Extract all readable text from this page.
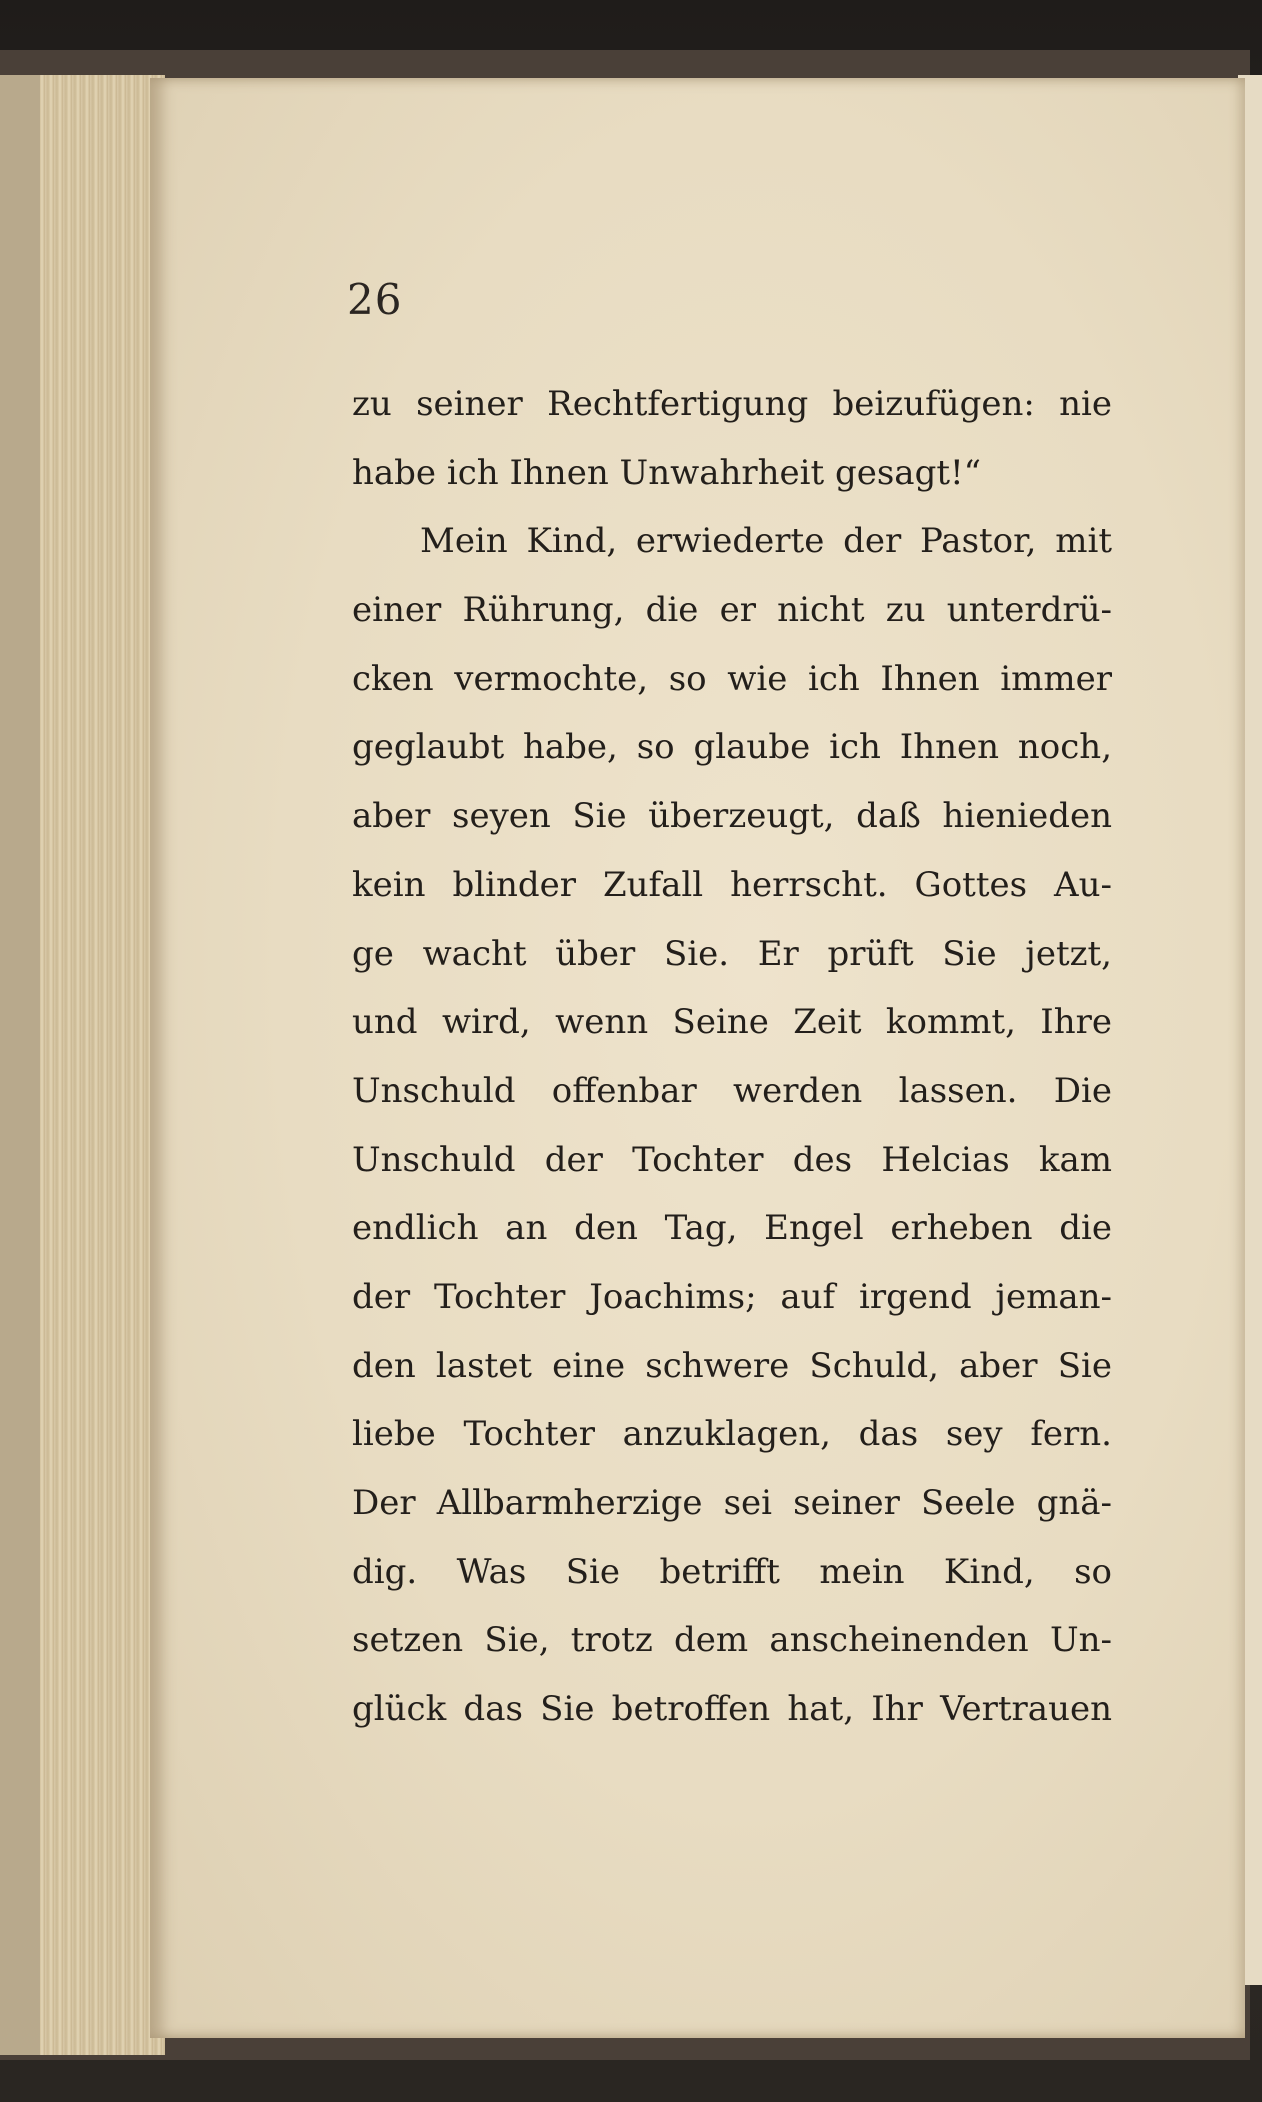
26
zu seiner Rechtfertigung beizufügen: nie
habe ich Ihnen Unwahrheit gesagt!“
Mein Kind, erwiederte der Pastor, mit
einer Rührung, die er nicht zu unterdrü-
cken vermochte, so wie ich Ihnen immer
geglaubt habe, so glaube ich Ihnen noch,
aber seyen Sie überzeugt, daß hienieden
kein blinder Zufall herrscht. Gottes Au-
ge wacht über Sie. Er prüft Sie jetzt,
und wird, wenn Seine Zeit kommt, Ihre
Unschuld offenbar werden lassen. Die
Unschuld der Tochter des Helcias kam
endlich an den Tag, Engel erheben die
der Tochter Joachims; auf irgend jeman-
den lastet eine schwere Schuld, aber Sie
liebe Tochter anzuklagen, das sey fern.
Der Allbarmherzige sei seiner Seele gnä-
dig. Was Sie betrifft mein Kind, so
setzen Sie, trotz dem anscheinenden Un-
glück das Sie betroffen hat, Ihr Vertrauen
